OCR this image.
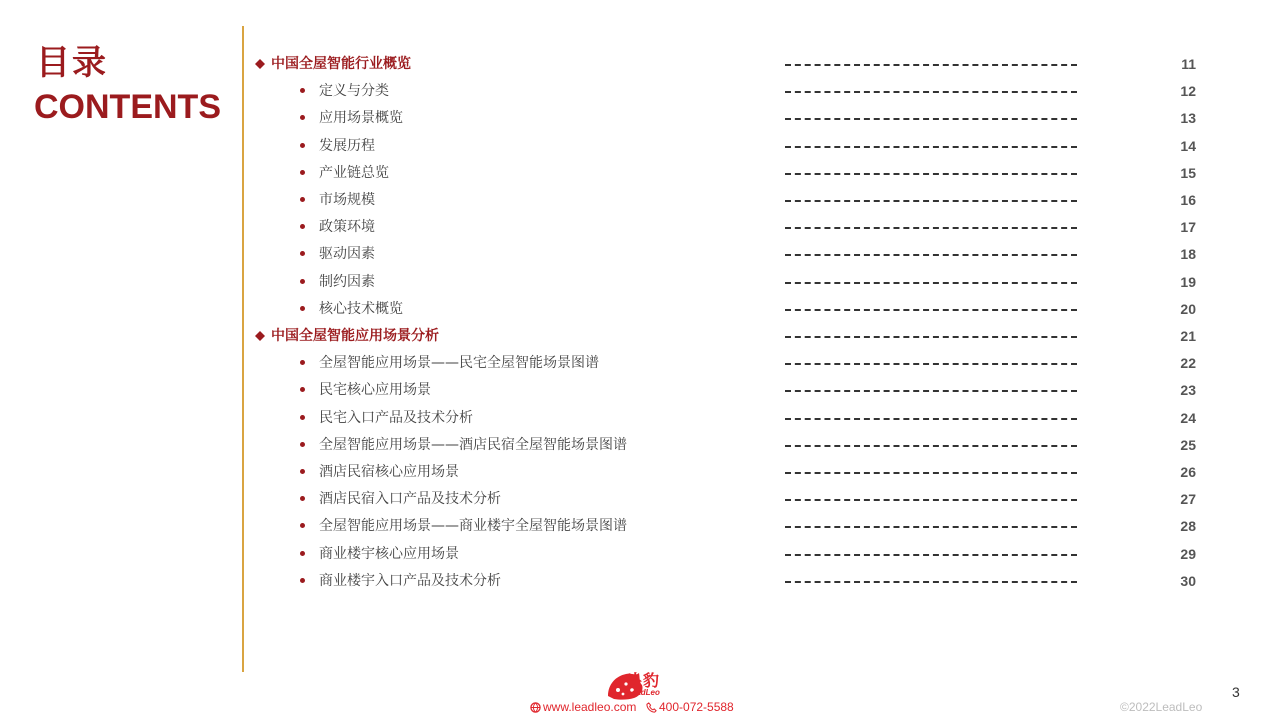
目录
CONTENTS
中国全屋智能行业概览	11
定义与分类	12
应用场景概览	13
发展历程	14
产业链总览	15
市场规模	16
政策环境	17
驱动因素	18
制约因素	19
核心技术概览	20
中国全屋智能应用场景分析	21
全屋智能应用场景——民宅全屋智能场景图谱	22
民宅核心应用场景	23
民宅入口产品及技术分析	24
全屋智能应用场景——酒店民宿全屋智能场景图谱	25
酒店民宿核心应用场景	26
酒店民宿入口产品及技术分析	27
全屋智能应用场景——商业楼宇全屋智能场景图谱	28
商业楼宇核心应用场景	29
商业楼宇入口产品及技术分析	30
头豹
LeadLeo
www.leadleo.com	400-072-5588	©2022LeadLeo
3
